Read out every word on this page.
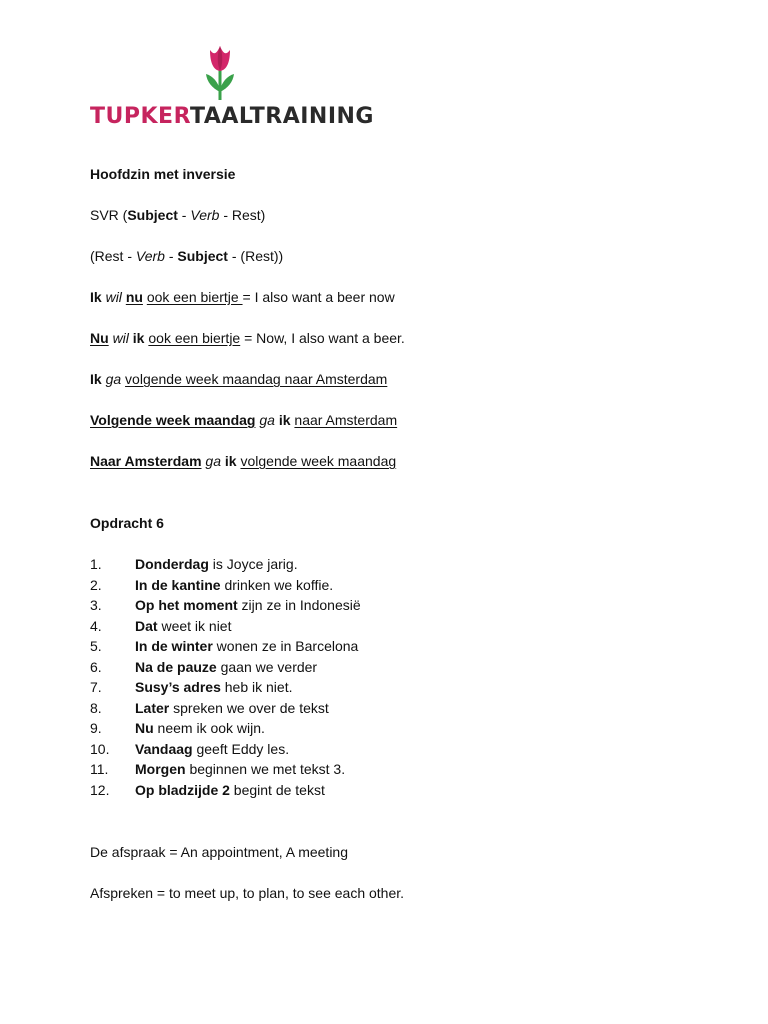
TUPKERTAALTRAINING
Hoofdzin met inversie
SVR (Subject - Verb - Rest)
(Rest - Verb - Subject - (Rest))
Ik wil nu ook een biertje = I also want a beer now
Nu wil ik ook een biertje = Now, I also want a beer.
Ik ga volgende week maandag naar Amsterdam
Volgende week maandag ga ik naar Amsterdam
Naar Amsterdam ga ik volgende week maandag
Opdracht 6
1.	Donderdag is Joyce jarig.
2.	In de kantine drinken we koffie.
3.	Op het moment zijn ze in Indonesië
4.	Dat weet ik niet
5.	In de winter wonen ze in Barcelona
6.	Na de pauze gaan we verder
7.	Susy’s adres heb ik niet.
8.	Later spreken we over de tekst
9.	Nu neem ik ook wijn.
10.	Vandaag geeft Eddy les.
11.	Morgen beginnen we met tekst 3.
12.	Op bladzijde 2 begint de tekst
De afspraak = An appointment, A meeting
Afspreken = to meet up, to plan, to see each other.
